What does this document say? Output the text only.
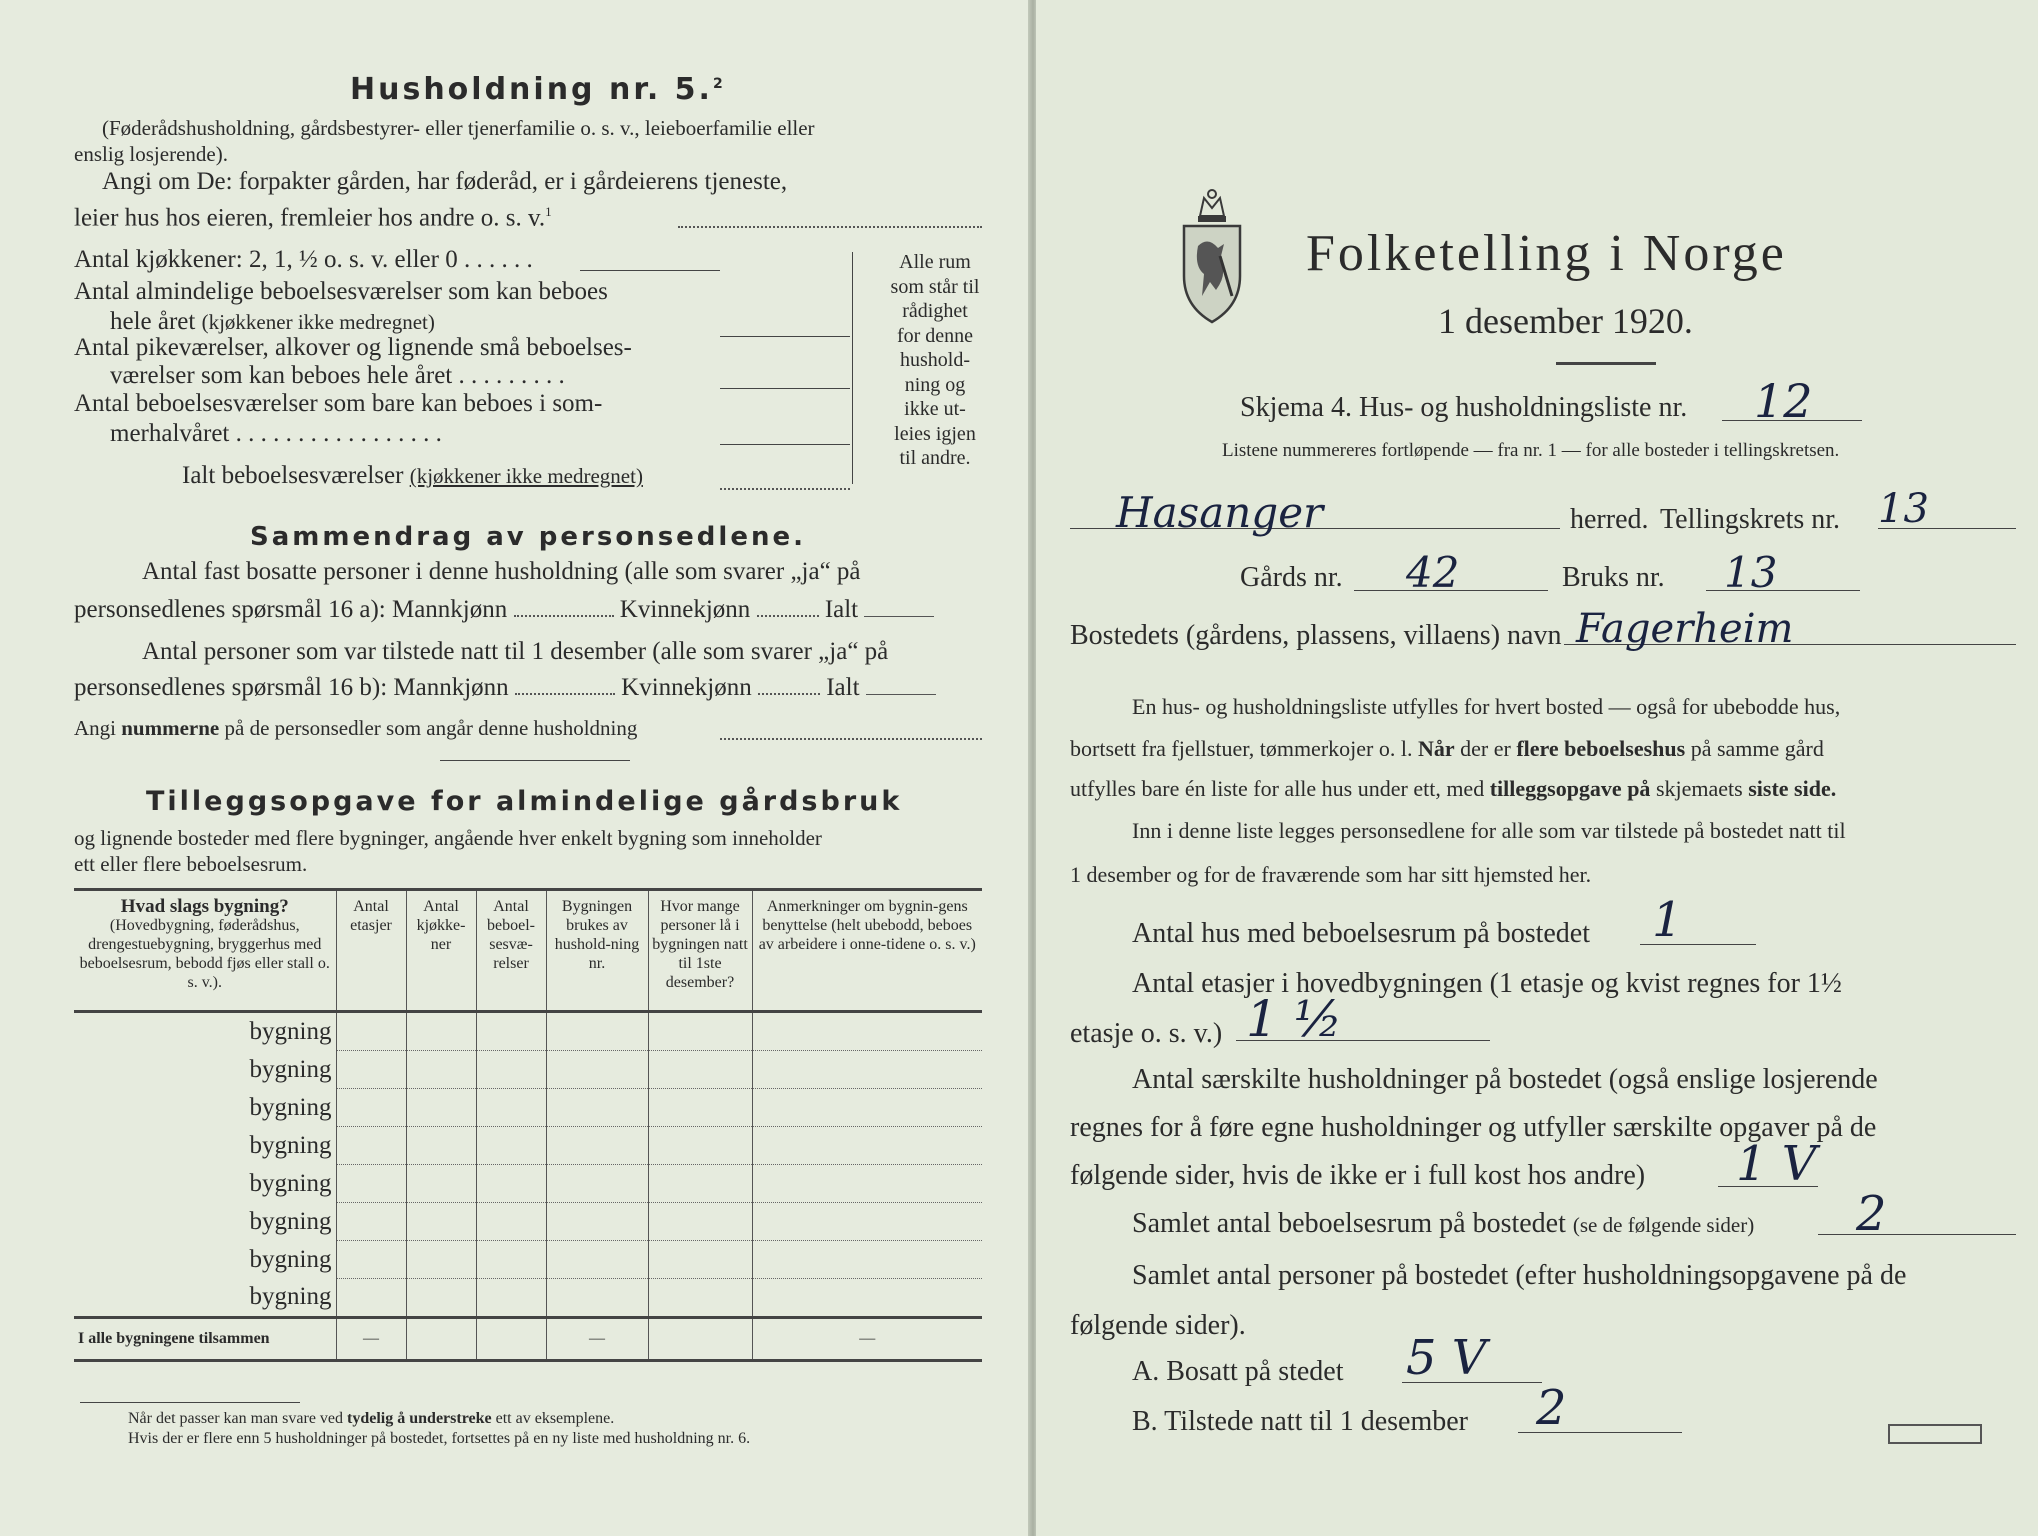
Husholdning nr. 5.$^2$
(Føderådshusholdning, gårdsbestyrer- eller tjenerfamilie o. s. v., leieboerfamilie eller
enslig losjerende).
Angi om De: forpakter gården, har føderåd, er i gårdeierens tjeneste,
leier hus hos eieren, fremleier hos andre o. s. v.$^1$
Antal kjøkkener: 2, 1, ½ o. s. v. eller 0 . . . . . .
Antal almindelige beboelsesværelser som kan beboes
hele året (kjøkkener ikke medregnet)
Antal pikeværelser, alkover og lignende små beboelses-
værelser som kan beboes hele året . . . . . . . . .
Antal beboelsesværelser som bare kan beboes i som-
merhalvåret . . . . . . . . . . . . . . . . .
Ialt beboelsesværelser (kjøkkener ikke medregnet)
Alle rum
som står til
rådighet
for denne
hushold-
ning og
ikke ut-
leies igjen
til andre.
Sammendrag av personsedlene.
Antal fast bosatte personer i denne husholdning (alle som svarer „ja“ på
personsedlenes spørsmål 16 a): Mannkjønn	Kvinnekjønn	Ialt
Antal personer som var tilstede natt til 1 desember (alle som svarer „ja“ på
personsedlenes spørsmål 16 b): Mannkjønn	Kvinnekjønn	Ialt
Angi nummerne på de personsedler som angår denne husholdning
Tilleggsopgave for almindelige gårdsbruk
og lignende bosteder med flere bygninger, angående hver enkelt bygning som inneholder
ett eller flere beboelsesrum.
Hvad slags bygning?
(Hovedbygning, føderådshus, drengestuebygning, bryggerhus med beboelsesrum, bebodd fjøs eller stall o. s. v.).	Antal etasjer	Antal kjøkke-ner	Antal beboel-sesvæ-relser	Bygningen brukes av hushold-ning nr.	Hvor mange personer lå i bygningen natt til 1ste desember?	Anmerkninger om bygnin-gens benyttelse (helt ubebodd, beboes av arbeidere i onne-tidene o. s. v.)
bygning						
bygning						
bygning						
bygning						
bygning						
bygning						
bygning						
bygning						
I alle bygningene tilsammen	—			—		—
Når det passer kan man svare ved tydelig å understreke ett av eksemplene.
Hvis der er flere enn 5 husholdninger på bostedet, fortsettes på en ny liste med husholdning nr. 6.
Folketelling i Norge
1 desember 1920.
Skjema 4. Hus- og husholdningsliste nr. 12
Listene nummereres fortløpende — fra nr. 1 — for alle bosteder i tellingskretsen.
Hasanger	herred. Tellingskrets nr. 13
Gårds nr. 42	Bruks nr. 13
Bostedets (gårdens, plassens, villaens) navn Fagerheim
En hus- og husholdningsliste utfylles for hvert bosted — også for ubebodde hus,
bortsett fra fjellstuer, tømmerkojer o. l. Når der er flere beboelseshus på samme gård
utfylles bare én liste for alle hus under ett, med tilleggsopgave på skjemaets siste side.
Inn i denne liste legges personsedlene for alle som var tilstede på bostedet natt til
1 desember og for de fraværende som har sitt hjemsted her.
Antal hus med beboelsesrum på bostedet 1
Antal etasjer i hovedbygningen (1 etasje og kvist regnes for 1½
etasje o. s. v.) 1 ½
Antal særskilte husholdninger på bostedet (også enslige losjerende
regnes for å føre egne husholdninger og utfyller særskilte opgaver på de
følgende sider, hvis de ikke er i full kost hos andre) 1 V
Samlet antal beboelsesrum på bostedet (se de følgende sider) 2
Samlet antal personer på bostedet (efter husholdningsopgavene på de
følgende sider).
A. Bosatt på stedet 5 V
B. Tilstede natt til 1 desember 2
